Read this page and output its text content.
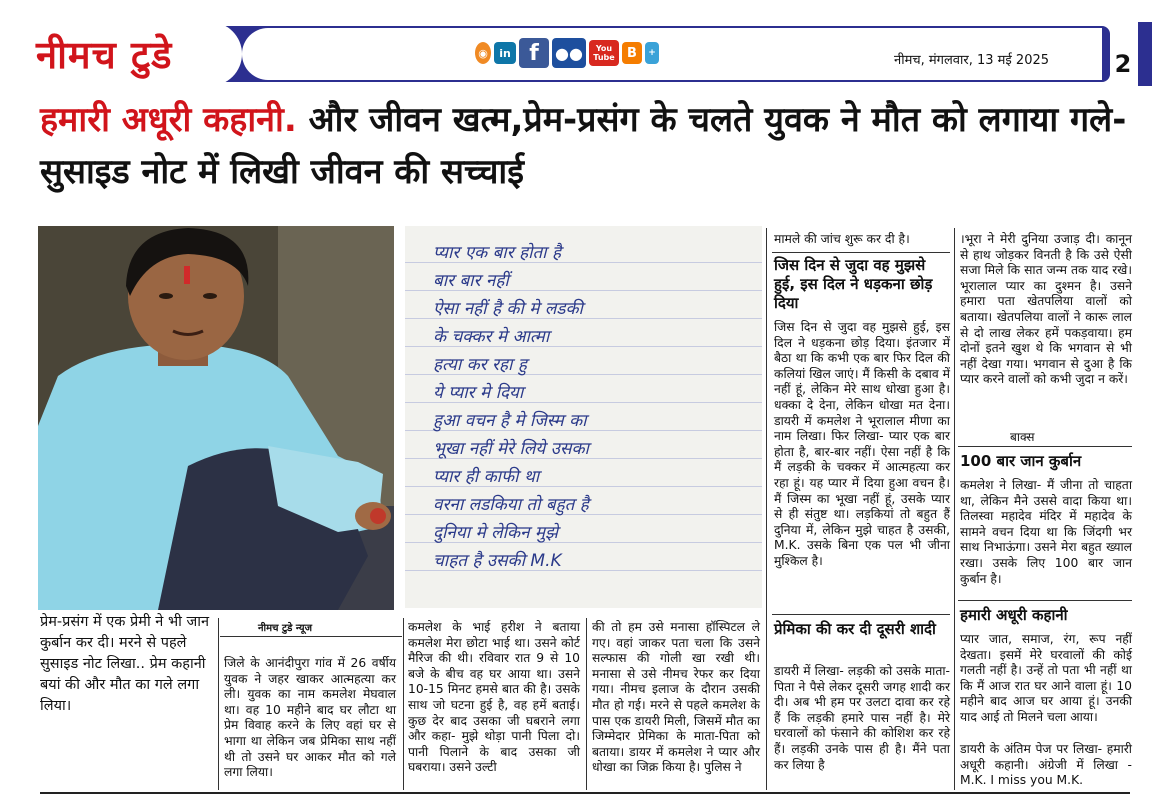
नीमच टुडे	◉	in f	●●	You Tube B	+	नीमच, मंगलवार, 13 मई 2025	2
हमारी अधूरी कहानी. और जीवन खत्म,प्रेम-प्रसंग के चलते युवक ने मौत को लगाया गले- सुसाइड नोट में लिखी जीवन की सच्चाई
नीमच टुडे न्यूज
प्यार एक बार होता है
बार बार नहीं
ऐसा नहीं है की मे लडकी
के चक्कर मे आत्मा
हत्या कर रहा हु
ये प्यार मे दिया
हुआ वचन है मे जिस्म का
भूखा नहीं मेरे लिये उसका
प्यार ही काफी था
वरना लडकिया तो बहुत है
दुनिया मे लेकिन मुझे
चाहत है उसकी M.K
प्रेम-प्रसंग में एक प्रेमी ने भी जान कुर्बान कर दी। मरने से पहले सुसाइड नोट लिखा.. प्रेम कहानी बयां की और मौत का गले लगा लिया।
जिले के आनंदीपुरा गांव में 26 वर्षीय युवक ने जहर खाकर आत्महत्या कर ली। युवक का नाम कमलेश मेघवाल था। वह 10 महीने बाद घर लौटा था प्रेम विवाह करने के लिए वहां घर से भागा था लेकिन जब प्रेमिका साथ नहीं थी तो उसने घर आकर मौत को गले लगा लिया।
कमलेश के भाई हरीश ने बताया कमलेश मेरा छोटा भाई था। उसने कोर्ट मैरिज की थी। रविवार रात 9 से 10 बजे के बीच वह घर आया था। उसने 10-15 मिनट हमसे बात की है। उसके साथ जो घटना हुई है, वह हमें बताई। कुछ देर बाद उसका जी घबराने लगा और कहा- मुझे थोड़ा पानी पिला दो। पानी पिलाने के बाद उसका जी घबराया। उसने उल्टी
की तो हम उसे मनासा हॉस्पिटल ले गए। वहां जाकर पता चला कि उसने सल्फास की गोली खा रखी थी। मनासा से उसे नीमच रेफर कर दिया गया। नीमच इलाज के दौरान उसकी मौत हो गई। मरने से पहले कमलेश के पास एक डायरी मिली, जिसमें मौत का जिम्मेदार प्रेमिका के माता-पिता को बताया। डायर में कमलेश ने प्यार और धोखा का जिक्र किया है। पुलिस ने
मामले की जांच शुरू कर दी है।
जिस दिन से जुदा वह मुझसे हुई, इस दिल ने धड़कना छोड़ दिया
जिस दिन से जुदा वह मुझसे हुई, इस दिल ने धड़कना छोड़ दिया। इंतजार में बैठा था कि कभी एक बार फिर दिल की कलियां खिल जाएं। मैं किसी के दबाव में नहीं हूं, लेकिन मेरे साथ धोखा हुआ है। धक्का दे देना, लेकिन धोखा मत देना। डायरी में कमलेश ने भूरालाल मीणा का नाम लिखा। फिर लिखा- प्यार एक बार होता है, बार-बार नहीं। ऐसा नहीं है कि मैं लड़की के चक्कर में आत्महत्या कर रहा हूं। यह प्यार में दिया हुआ वचन है। मैं जिस्म का भूखा नहीं हूं, उसके प्यार से ही संतुष्ट था। लड़कियां तो बहुत हैं दुनिया में, लेकिन मुझे चाहत है उसकी, M.K. उसके बिना एक पल भी जीना मुश्किल है।
प्रेमिका की कर दी दूसरी शादी
डायरी में लिखा- लड़की को उसके माता-पिता ने पैसे लेकर दूसरी जगह शादी कर दी। अब भी हम पर उलटा दावा कर रहे हैं कि लड़की हमारे पास नहीं है। मेरे घरवालों को फंसाने की कोशिश कर रहे हैं। लड़की उनके पास ही है। मैंने पता कर लिया है
।भूरा ने मेरी दुनिया उजाड़ दी। कानून से हाथ जोड़कर विनती है कि उसे ऐसी सजा मिले कि सात जन्म तक याद रखे। भूरालाल प्यार का दुश्मन है। उसने हमारा पता खेतपलिया वालों को बताया। खेतपलिया वालों ने कारू लाल से दो लाख लेकर हमें पकड़वाया। हम दोनों इतने खुश थे कि भगवान से भी नहीं देखा गया। भगवान से दुआ है कि प्यार करने वालों को कभी जुदा न करें।
बाक्स
100 बार जान कुर्बान
कमलेश ने लिखा- मैं जीना तो चाहता था, लेकिन मैने उससे वादा किया था। तिलस्वा महादेव मंदिर में महादेव के सामने वचन दिया था कि जिंदगी भर साथ निभाऊंगा। उसने मेरा बहुत ख्याल रखा। उसके लिए 100 बार जान कुर्बान है।
हमारी अधूरी कहानी
प्यार जात, समाज, रंग, रूप नहीं देखता। इसमें मेरे घरवालों की कोई गलती नहीं है। उन्हें तो पता भी नहीं था कि मैं आज रात घर आने वाला हूं। 10 महीने बाद आज घर आया हूं। उनकी याद आई तो मिलने चला आया।
डायरी के अंतिम पेज पर लिखा- हमारी अधूरी कहानी। अंग्रेजी में लिखा - M.K. I miss you M.K.
